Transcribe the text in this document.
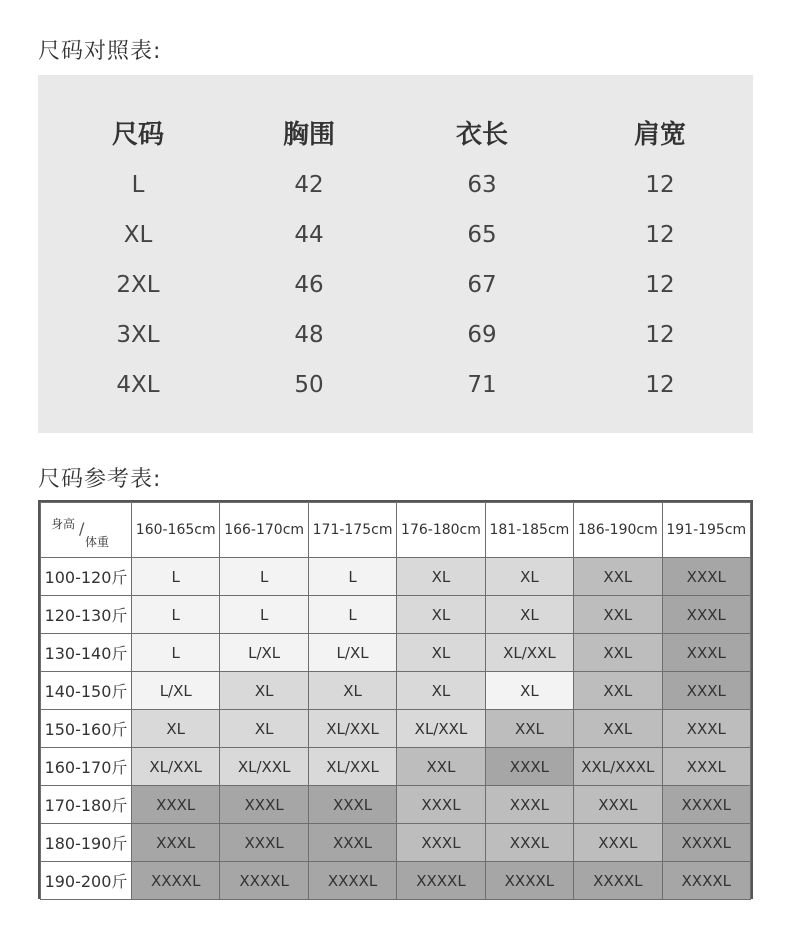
尺码对照表:
尺码	胸围	衣长	肩宽
L	42	63	12
XL	44	65	12
2XL	46	67	12
3XL	48	69	12
4XL	50	71	12
尺码参考表:
身高 /
体重	160-165cm	166-170cm	171-175cm	176-180cm	181-185cm	186-190cm	191-195cm
100-120斤	L	L	L	XL	XL	XXL	XXXL
120-130斤	L	L	L	XL	XL	XXL	XXXL
130-140斤	L	L/XL	L/XL	XL	XL/XXL	XXL	XXXL
140-150斤	L/XL	XL	XL	XL	XL	XXL	XXXL
150-160斤	XL	XL	XL/XXL	XL/XXL	XXL	XXL	XXXL
160-170斤	XL/XXL	XL/XXL	XL/XXL	XXL	XXXL	XXL/XXXL	XXXL
170-180斤	XXXL	XXXL	XXXL	XXXL	XXXL	XXXL	XXXXL
180-190斤	XXXL	XXXL	XXXL	XXXL	XXXL	XXXL	XXXXL
190-200斤	XXXXL	XXXXL	XXXXL	XXXXL	XXXXL	XXXXL	XXXXL
